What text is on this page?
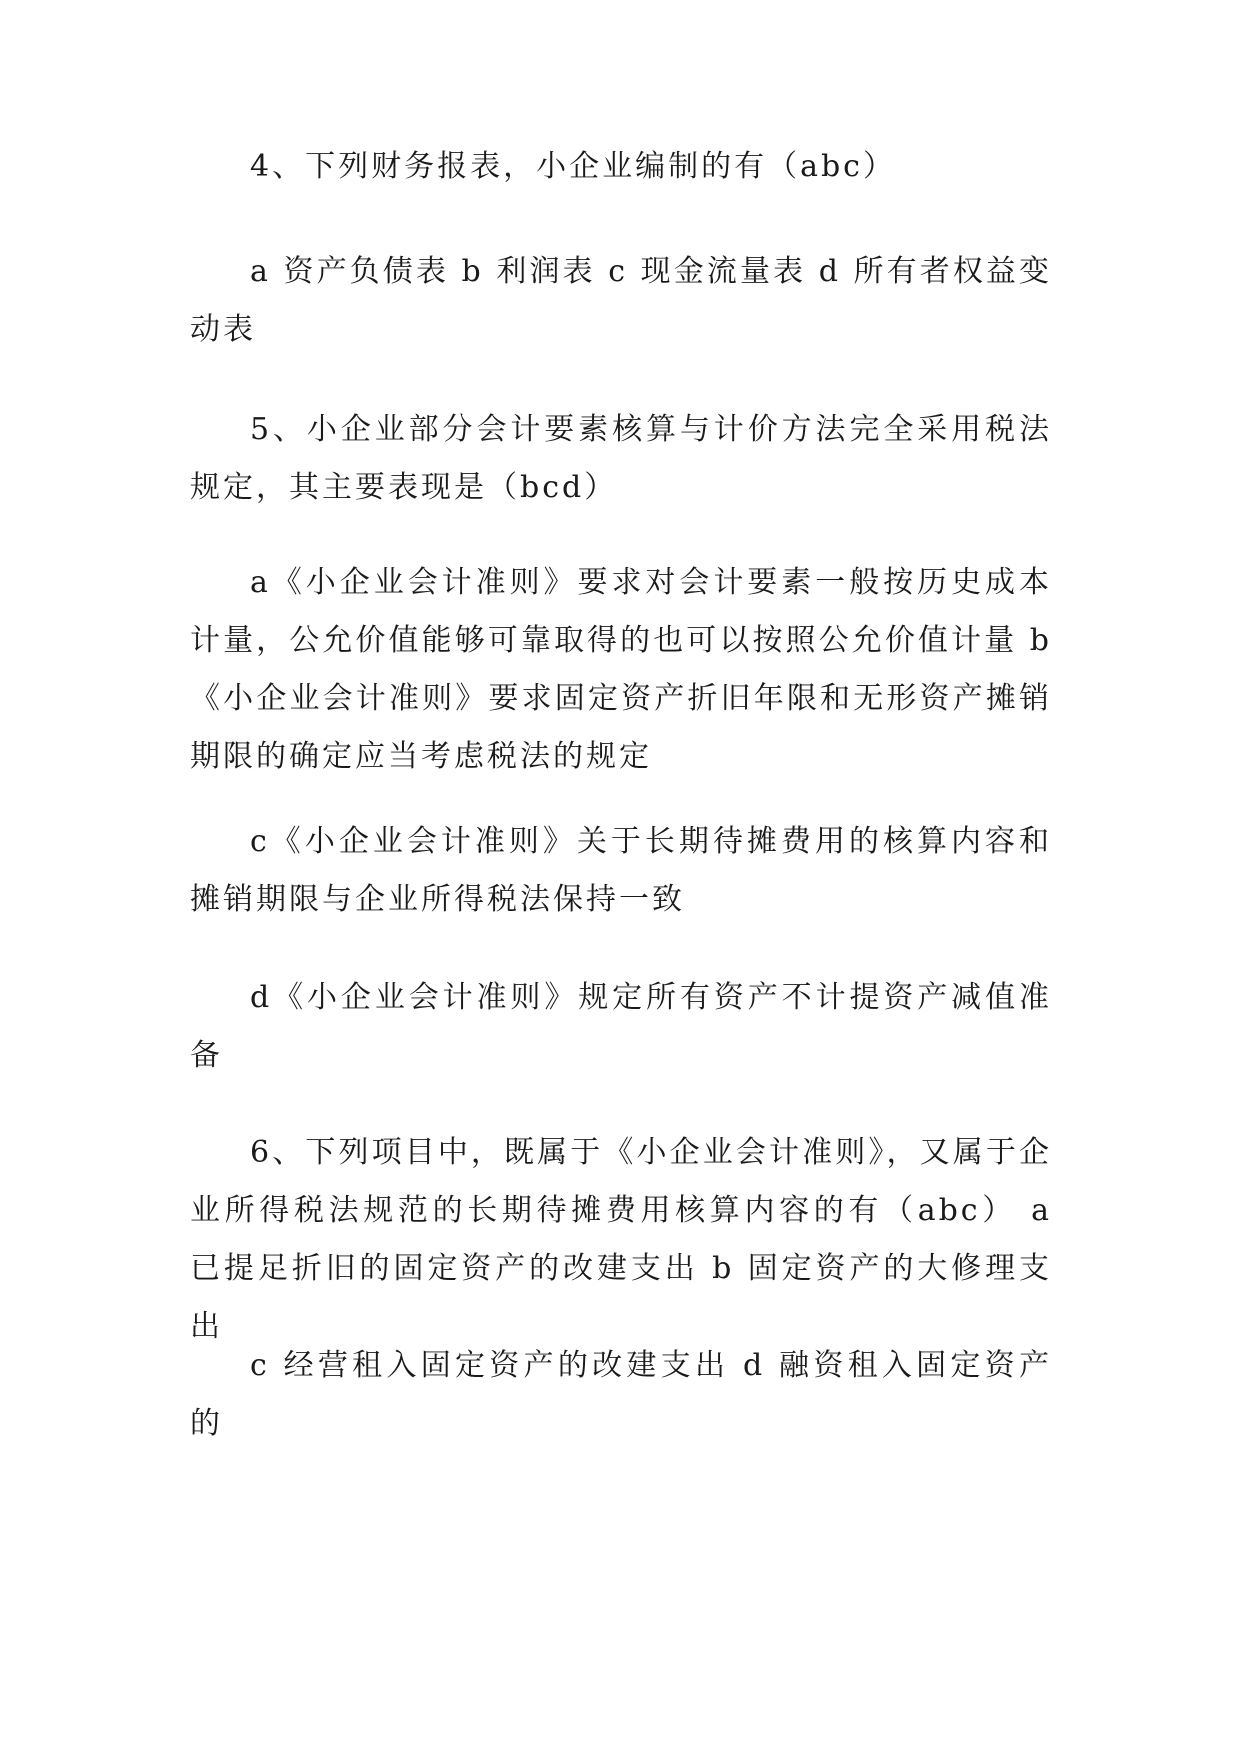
4、下列财务报表，小企业编制的有（abc）

a 资产负债表 b 利润表 c 现金流量表 d 所有者权益变动表

5、小企业部分会计要素核算与计价方法完全采用税法规定，其主要表现是（bcd）

a《小企业会计准则》要求对会计要素一般按历史成本计量，公允价值能够可靠取得的也可以按照公允价值计量 b《小企业会计准则》要求固定资产折旧年限和无形资产摊销期限的确定应当考虑税法的规定

c《小企业会计准则》关于长期待摊费用的核算内容和摊销期限与企业所得税法保持一致

d《小企业会计准则》规定所有资产不计提资产减值准备

6、下列项目中，既属于《小企业会计准则》，又属于企业所得税法规范的长期待摊费用核算内容的有（abc） a 已提足折旧的固定资产的改建支出 b 固定资产的大修理支出

c 经营租入固定资产的改建支出 d 融资租入固定资产的
